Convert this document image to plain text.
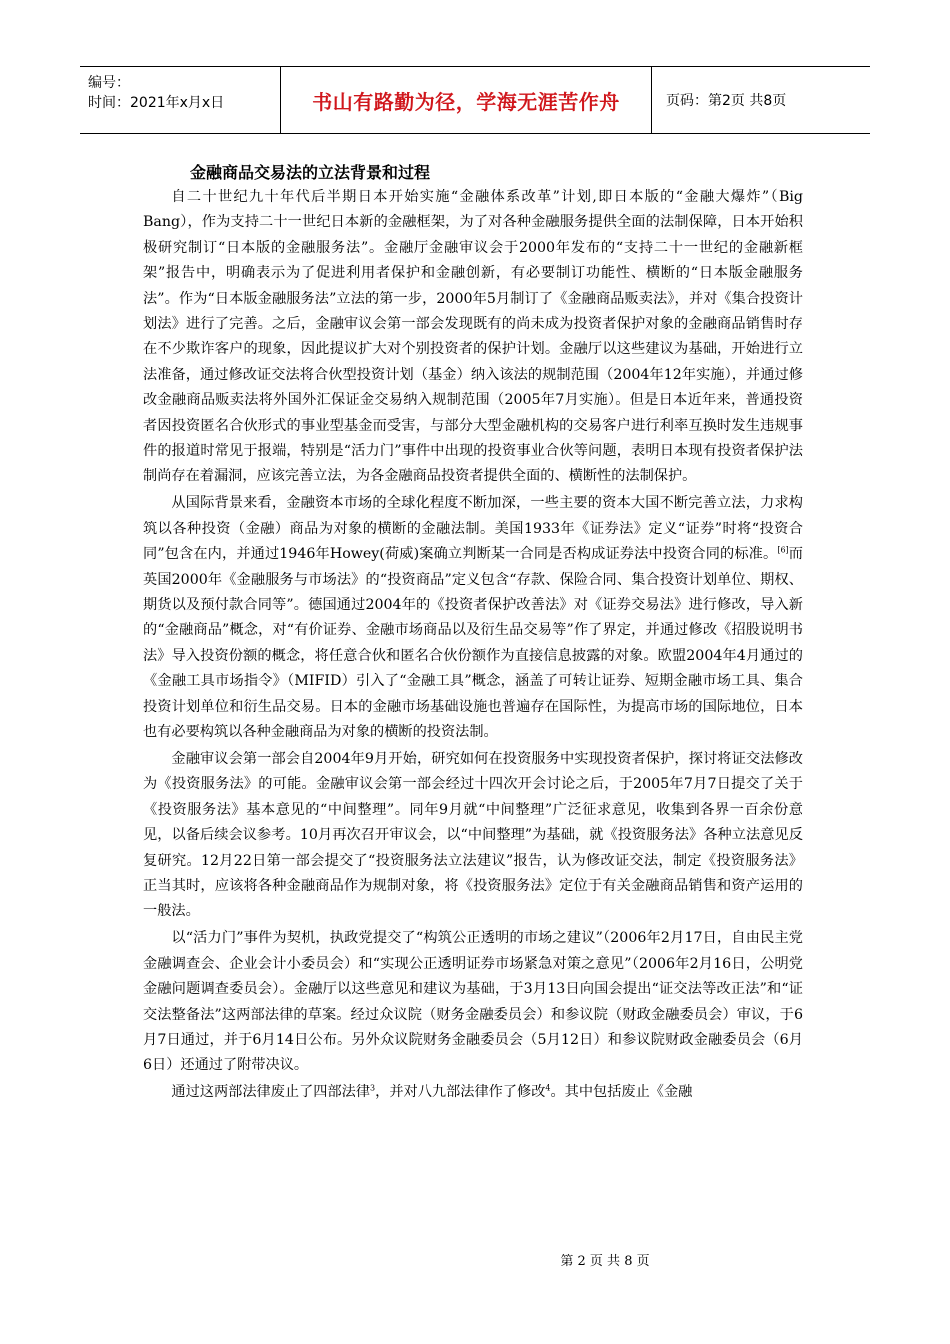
编号：
时间：2021年x月x日	书山有路勤为径，学海无涯苦作舟	页码：第2页 共8页
金融商品交易法的立法背景和过程

自二十世纪九十年代后半期日本开始实施“金融体系改革”计划,即日本版的“金融大爆炸”（Big Bang），作为支持二十一世纪日本新的金融框架，为了对各种金融服务提供全面的法制保障，日本开始积极研究制订“日本版的金融服务法”。金融厅金融审议会于2000年发布的“支持二十一世纪的金融新框架”报告中，明确表示为了促进利用者保护和金融创新，有必要制订功能性、横断的“日本版金融服务法”。作为“日本版金融服务法”立法的第一步，2000年5月制订了《金融商品贩卖法》，并对《集合投资计划法》进行了完善。之后，金融审议会第一部会发现既有的尚未成为投资者保护对象的金融商品销售时存在不少欺诈客户的现象，因此提议扩大对个别投资者的保护计划。金融厅以这些建议为基础，开始进行立法准备，通过修改证交法将合伙型投资计划（基金）纳入该法的规制范围（2004年12年实施），并通过修改金融商品贩卖法将外国外汇保证金交易纳入规制范围（2005年7月实施）。但是日本近年来，普通投资者因投资匿名合伙形式的事业型基金而受害，与部分大型金融机构的交易客户进行利率互换时发生违规事件的报道时常见于报端，特别是“活力门”事件中出现的投资事业合伙等问题，表明日本现有投资者保护法制尚存在着漏洞，应该完善立法，为各金融商品投资者提供全面的、横断性的法制保护。

从国际背景来看，金融资本市场的全球化程度不断加深，一些主要的资本大国不断完善立法，力求构筑以各种投资（金融）商品为对象的横断的金融法制。美国1933年《证券法》定义“证券”时将“投资合同”包含在内，并通过1946年Howey(荷威)案确立判断某一合同是否构成证券法中投资合同的标准。[6]而英国2000年《金融服务与市场法》的“投资商品”定义包含“存款、保险合同、集合投资计划单位、期权、期货以及预付款合同等”。德国通过2004年的《投资者保护改善法》对《证券交易法》进行修改，导入新的“金融商品”概念，对“有价证券、金融市场商品以及衍生品交易等”作了界定，并通过修改《招股说明书法》导入投资份额的概念，将任意合伙和匿名合伙份额作为直接信息披露的对象。欧盟2004年4月通过的《金融工具市场指令》（MIFID）引入了“金融工具”概念，涵盖了可转让证券、短期金融市场工具、集合投资计划单位和衍生品交易。日本的金融市场基础设施也普遍存在国际性，为提高市场的国际地位，日本也有必要构筑以各种金融商品为对象的横断的投资法制。

金融审议会第一部会自2004年9月开始，研究如何在投资服务中实现投资者保护，探讨将证交法修改为《投资服务法》的可能。金融审议会第一部会经过十四次开会讨论之后，于2005年7月7日提交了关于《投资服务法》基本意见的“中间整理”。同年9月就“中间整理”广泛征求意见，收集到各界一百余份意见，以备后续会议参考。10月再次召开审议会，以“中间整理”为基础，就《投资服务法》各种立法意见反复研究。12月22日第一部会提交了“投资服务法立法建议”报告，认为修改证交法，制定《投资服务法》正当其时，应该将各种金融商品作为规制对象，将《投资服务法》定位于有关金融商品销售和资产运用的一般法。

以“活力门”事件为契机，执政党提交了“构筑公正透明的市场之建议”（2006年2月17日，自由民主党金融调查会、企业会计小委员会）和“实现公正透明证券市场紧急对策之意见”（2006年2月16日，公明党金融问题调查委员会）。金融厅以这些意见和建议为基础，于3月13日向国会提出“证交法等改正法”和“证交法整备法”这两部法律的草案。经过众议院（财务金融委员会）和参议院（财政金融委员会）审议，于6月7日通过，并于6月14日公布。另外众议院财务金融委员会（5月12日）和参议院财政金融委员会（6月6日）还通过了附带决议。

通过这两部法律废止了四部法律$^3$，并对八九部法律作了修改$^4$。其中包括废止《金融

第 2 页 共 8 页
